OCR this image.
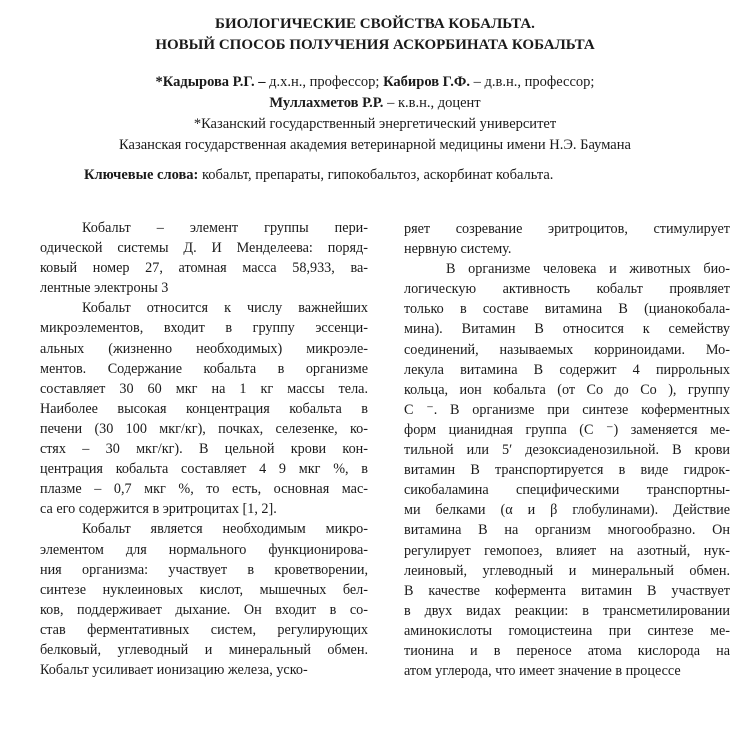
БИОЛОГИЧЕСКИЕ СВОЙСТВА КОБАЛЬТА.
НОВЫЙ СПОСОБ ПОЛУЧЕНИЯ АСКОРБИНАТА КОБАЛЬТА
*Кадырова Р.Г. – д.х.н., профессор; Кабиров Г.Ф. – д.в.н., профессор;
Муллахметов Р.Р. – к.в.н., доцент
*Казанский государственный энергетический университет
Казанская государственная академия ветеринарной медицины имени Н.Э. Баумана
Ключевые слова: кобальт, препараты, гипокобальтоз, аскорбинат кобальта.

Кобальт – элемент группы пери-
одической системы Д. И Менделеева: поряд-
ковый номер 27, атомная масса 58,933, ва-
лентные электроны 3

Кобальт относится к числу важнейших
микроэлементов, входит в группу эссенци-
альных (жизненно необходимых) микроэле-
ментов. Содержание кобальта в организме
составляет 30 60 мкг на 1 кг массы тела.
Наиболее высокая концентрация кобальта в
печени (30 100 мкг/кг), почках, селезенке, ко-
стях – 30 мкг/кг). В цельной крови кон-
центрация кобальта составляет 4 9 мкг %, в
плазме – 0,7 мкг %, то есть, основная мас-
са его содержится в эритроцитах [1, 2].

Кобальт является необходимым микро-
элементом для нормального функционирова-
ния организма: участвует в кроветворении,
синтезе нуклеиновых кислот, мышечных бел-
ков, поддерживает дыхание. Он входит в со-
став ферментативных систем, регулирующих
белковый, углеводный и минеральный обмен.
Кобальт усиливает ионизацию железа, уско-

ряет созревание эритроцитов, стимулирует
нервную систему.

В организме человека и животных био-
логическую активность кобальт проявляет
только в составе витамина В (цианокобала-
мина). Витамин В относится к семейству
соединений, называемых корриноидами. Мо-
лекула витамина В содержит 4 пиррольных
кольца, ион кобальта (от Co до Co ), группу
C ⁻. В организме при синтезе коферментных
форм цианидная группа (C ⁻) заменяется ме-
тильной или 5′ дезоксиаденозильной. В крови
витамин В транспортируется в виде гидрок-
сикобаламина специфическими транспортны-
ми белками (α и β глобулинами). Действие
витамина В на организм многообразно. Он
регулирует гемопоез, влияет на азотный, нук-
леиновый, углеводный и минеральный обмен.
В качестве кофермента витамин В участвует
в двух видах реакции: в трансметилировании
аминокислоты гомоцистеина при синтезе ме-
тионина и в переносе атома кислорода на
атом углерода, что имеет значение в процессе
